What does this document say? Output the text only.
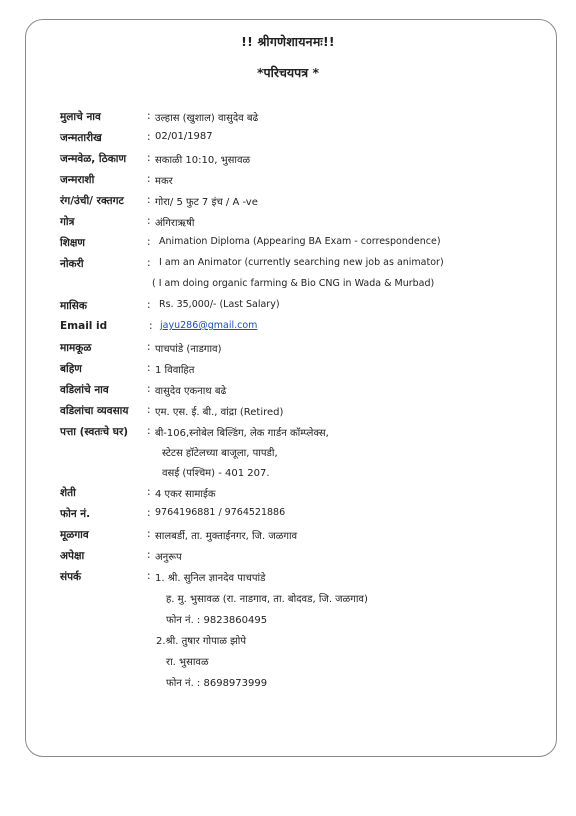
!! श्रीगणेशायनमः!!
*परिचयपत्र *
मुलाचे नाव	: उल्हास (खुशाल) वासुदेव बढे
जन्मतारीख	: 02/01/1987
जन्मवेळ, ठिकाण : सकाळी 10:10, भुसावळ
जन्मराशी	: मकर
रंग/उंची/ रक्तगट : गोरा/ 5 फुट 7 इंच / A -ve
गोत्र	: अंगिराऋषी
शिक्षण	: Animation Diploma (Appearing BA Exam - correspondence)
नोकरी	: I am an Animator (currently searching new job as animator)
( I am doing organic farming & Bio CNG in Wada & Murbad)
मासिक	: Rs. 35,000/- (Last Salary)
Email id	: jayu286@gmail.com
मामकूळ	: पाचपांडे (नाडगाव)
बहिण	: 1 विवाहित
वडिलांचे नाव	: वासुदेव एकनाथ बढे
वडिलांचा व्यवसाय : एम. एस. ई. बी., वांद्रा (Retired)
पत्ता (स्वतःचे घर) : बी-106,स्नोबेल बिल्डिंग, लेक गार्डन कॉम्प्लेक्स,
स्टेटस हॉटेलच्या बाजूला, पापडी,
वसई (पश्चिम) - 401 207.
शेती	: 4 एकर सामाईक
फोन नं.	: 9764196881 / 9764521886
मूळगाव	: सालबर्डी, ता. मुक्ताईनगर, जि. जळगाव
अपेक्षा	: अनुरूप
संपर्क	: 1. श्री. सुनिल ज्ञानदेव पाचपांडे
ह. मु. भुसावळ (रा. नाडगाव, ता. बोदवड, जि. जळगाव)
फोन नं. : 9823860495
2.श्री. तुषार गोपाळ झोपे
रा. भुसावळ
फोन नं. : 8698973999
